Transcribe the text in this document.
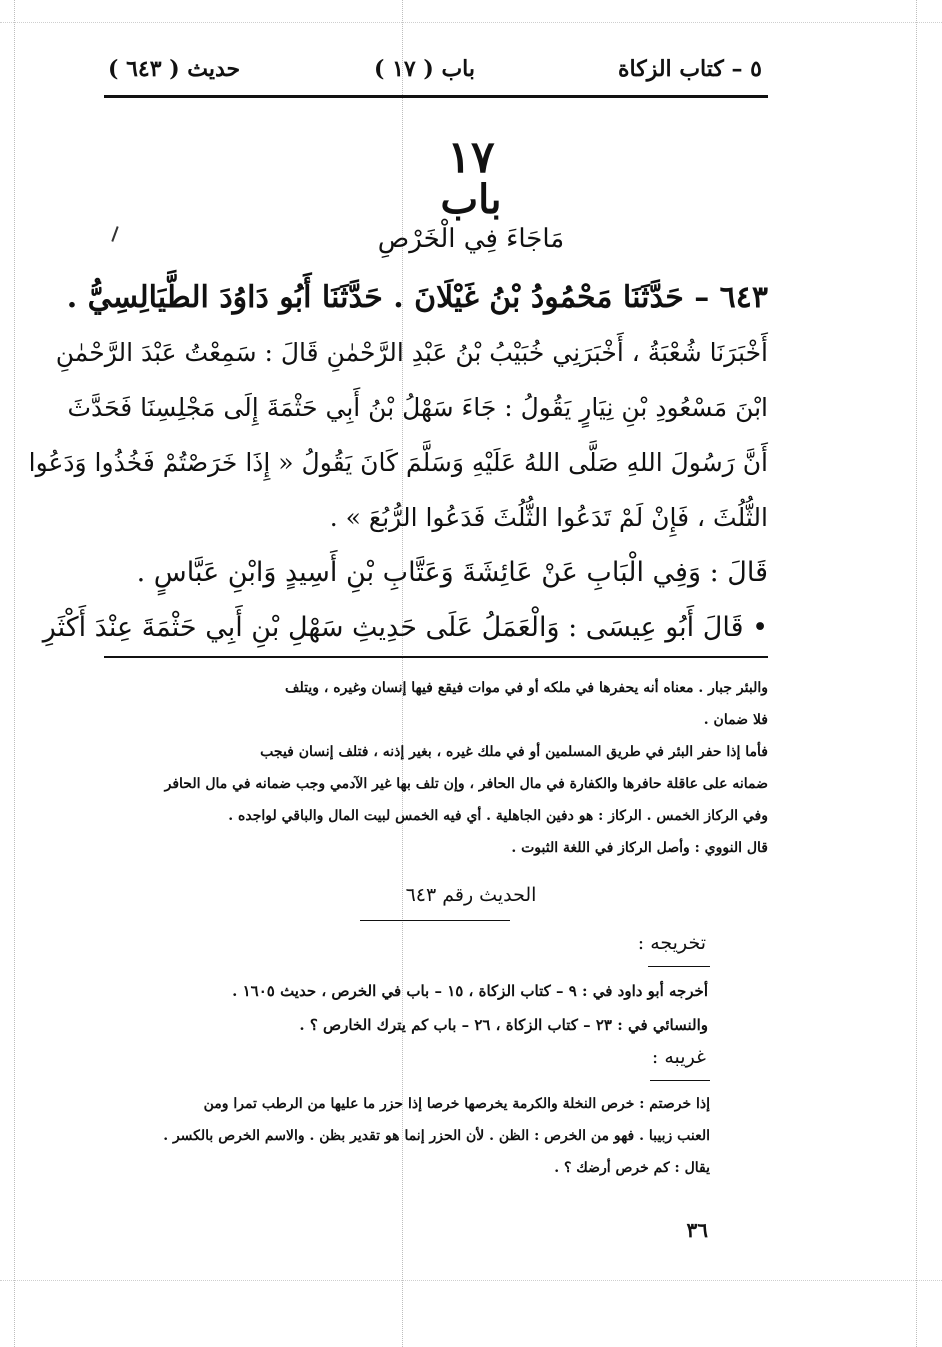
( ٦٤٣ ) حديث	( ١٧ ) باب	٥ – كتاب الزكاة
١٧
باب
مَاجَاءَ فِي الْخَرْصِ
٦٤٣ – حَدَّثَنَا مَحْمُودُ بْنُ غَيْلَانَ . حَدَّثَنَا أَبُو دَاوُدَ الطَّيَالِسِيُّ .
أَخْبَرَنَا شُعْبَةُ ، أَخْبَرَنِي خُبَيْبُ بْنُ عَبْدِ الرَّحْمٰنِ قَالَ : سَمِعْتُ عَبْدَ الرَّحْمٰنِ
ابْنَ مَسْعُودِ بْنِ نِيَارٍ يَقُولُ : جَاءَ سَهْلُ بْنُ أَبِي حَثْمَةَ إِلَى مَجْلِسِنَا فَحَدَّثَ
أَنَّ رَسُولَ اللهِ صَلَّى اللهُ عَلَيْهِ وَسَلَّمَ كَانَ يَقُولُ « إِذَا خَرَصْتُمْ فَخُذُوا وَدَعُوا
الثُّلُثَ ، فَإِنْ لَمْ تَدَعُوا الثُّلُثَ فَدَعُوا الرُّبُعَ » .
قَالَ : وَفِي الْبَابِ عَنْ عَائِشَةَ وَعَتَّابِ بْنِ أَسِيدٍ وَابْنِ عَبَّاسٍ .
• قَالَ أَبُو عِيسَى : وَالْعَمَلُ عَلَى حَدِيثِ سَهْلِ بْنِ أَبِي حَثْمَةَ عِنْدَ أَكْثَرِ
والبئر جبار . معناه أنه يحفرها في ملكه أو في موات فيقع فيها إنسان وغيره ، ويتلف
فلا ضمان .
فأما إذا حفر البئر في طريق المسلمين أو في ملك غيره ، بغير إذنه ، فتلف إنسان فيجب
ضمانه على عاقلة حافرها والكفارة في مال الحافر ، وإن تلف بها غير الآدمي وجب ضمانه في مال الحافر
وفي الركاز الخمس . الركاز : هو دفين الجاهلية . أي فيه الخمس لبيت المال والباقي لواجده .
قال النووي : وأصل الركاز في اللغة الثبوت .
الحديث رقم ٦٤٣
تخريجه :
أخرجه أبو داود في : ٩ – كتاب الزكاة ، ١٥ – باب في الخرص ، حديث ١٦٠٥ .
والنسائي في : ٢٣ – كتاب الزكاة ، ٢٦ – باب كم يترك الخارص ؟ .
غريبه :
إذا خرصتم : خرص النخلة والكرمة يخرصها خرصا إذا حزر ما عليها من الرطب تمرا ومن
العنب زبيبا . فهو من الخرص : الظن . لأن الحزر إنما هو تقدير بظن . والاسم الخرص بالكسر .
يقال : كم خرص أرضك ؟ .
٣٦
